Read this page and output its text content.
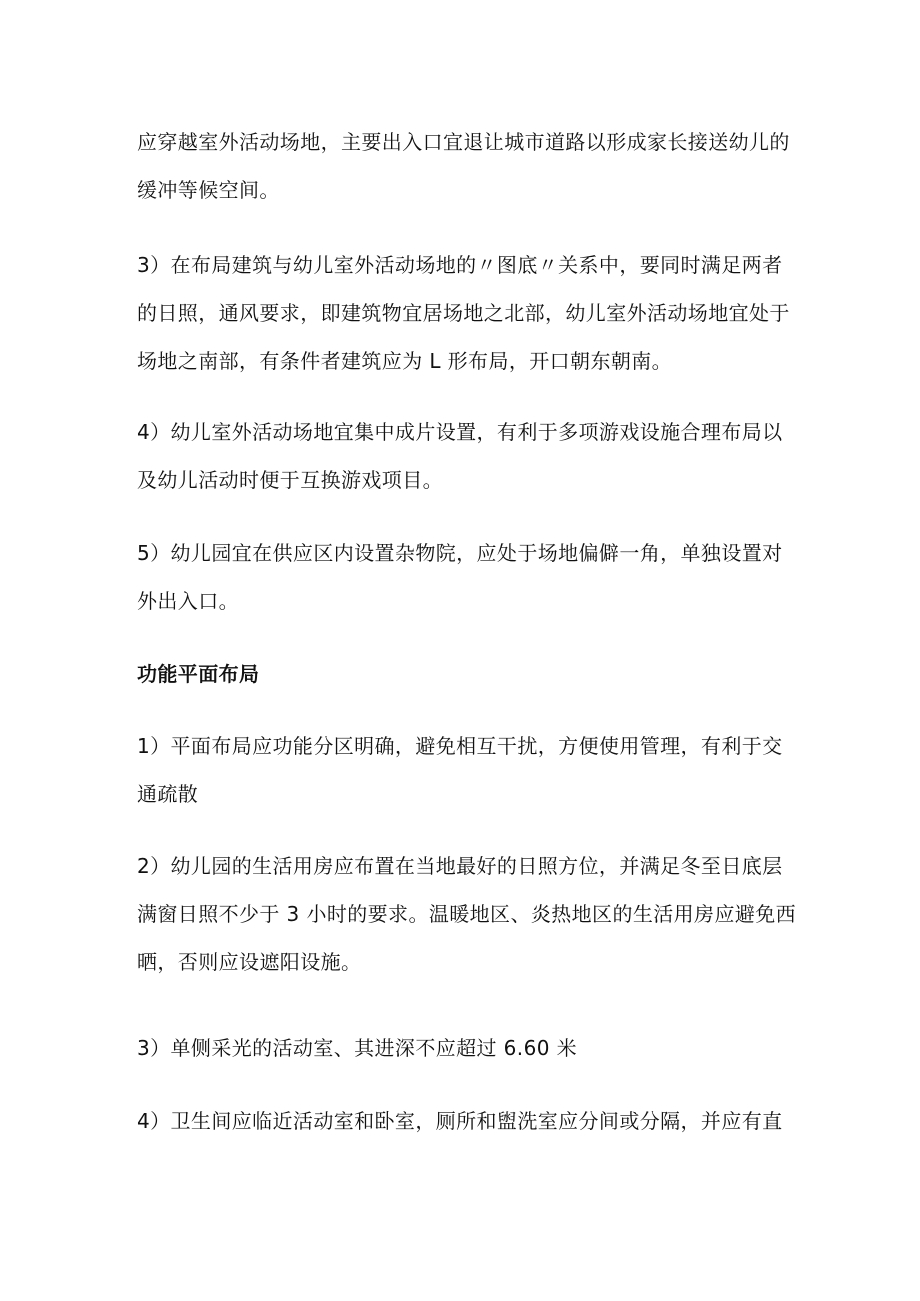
应穿越室外活动场地，主要出入口宜退让城市道路以形成家长接送幼儿的
缓冲等候空间。

3）在布局建筑与幼儿室外活动场地的〃图底〃关系中，要同时满足两者
的日照，通风要求，即建筑物宜居场地之北部，幼儿室外活动场地宜处于
场地之南部，有条件者建筑应为 L 形布局，开口朝东朝南。

4）幼儿室外活动场地宜集中成片设置，有利于多项游戏设施合理布局以
及幼儿活动时便于互换游戏项目。

5）幼儿园宜在供应区内设置杂物院，应处于场地偏僻一角，单独设置对
外出入口。

功能平面布局

1）平面布局应功能分区明确，避免相互干扰，方便使用管理，有利于交
通疏散

2）幼儿园的生活用房应布置在当地最好的日照方位，并满足冬至日底层
满窗日照不少于 3 小时的要求。温暖地区、炎热地区的生活用房应避免西
晒，否则应设遮阳设施。

3）单侧采光的活动室、其进深不应超过 6.60 米

4）卫生间应临近活动室和卧室，厕所和盥洗室应分间或分隔，并应有直
